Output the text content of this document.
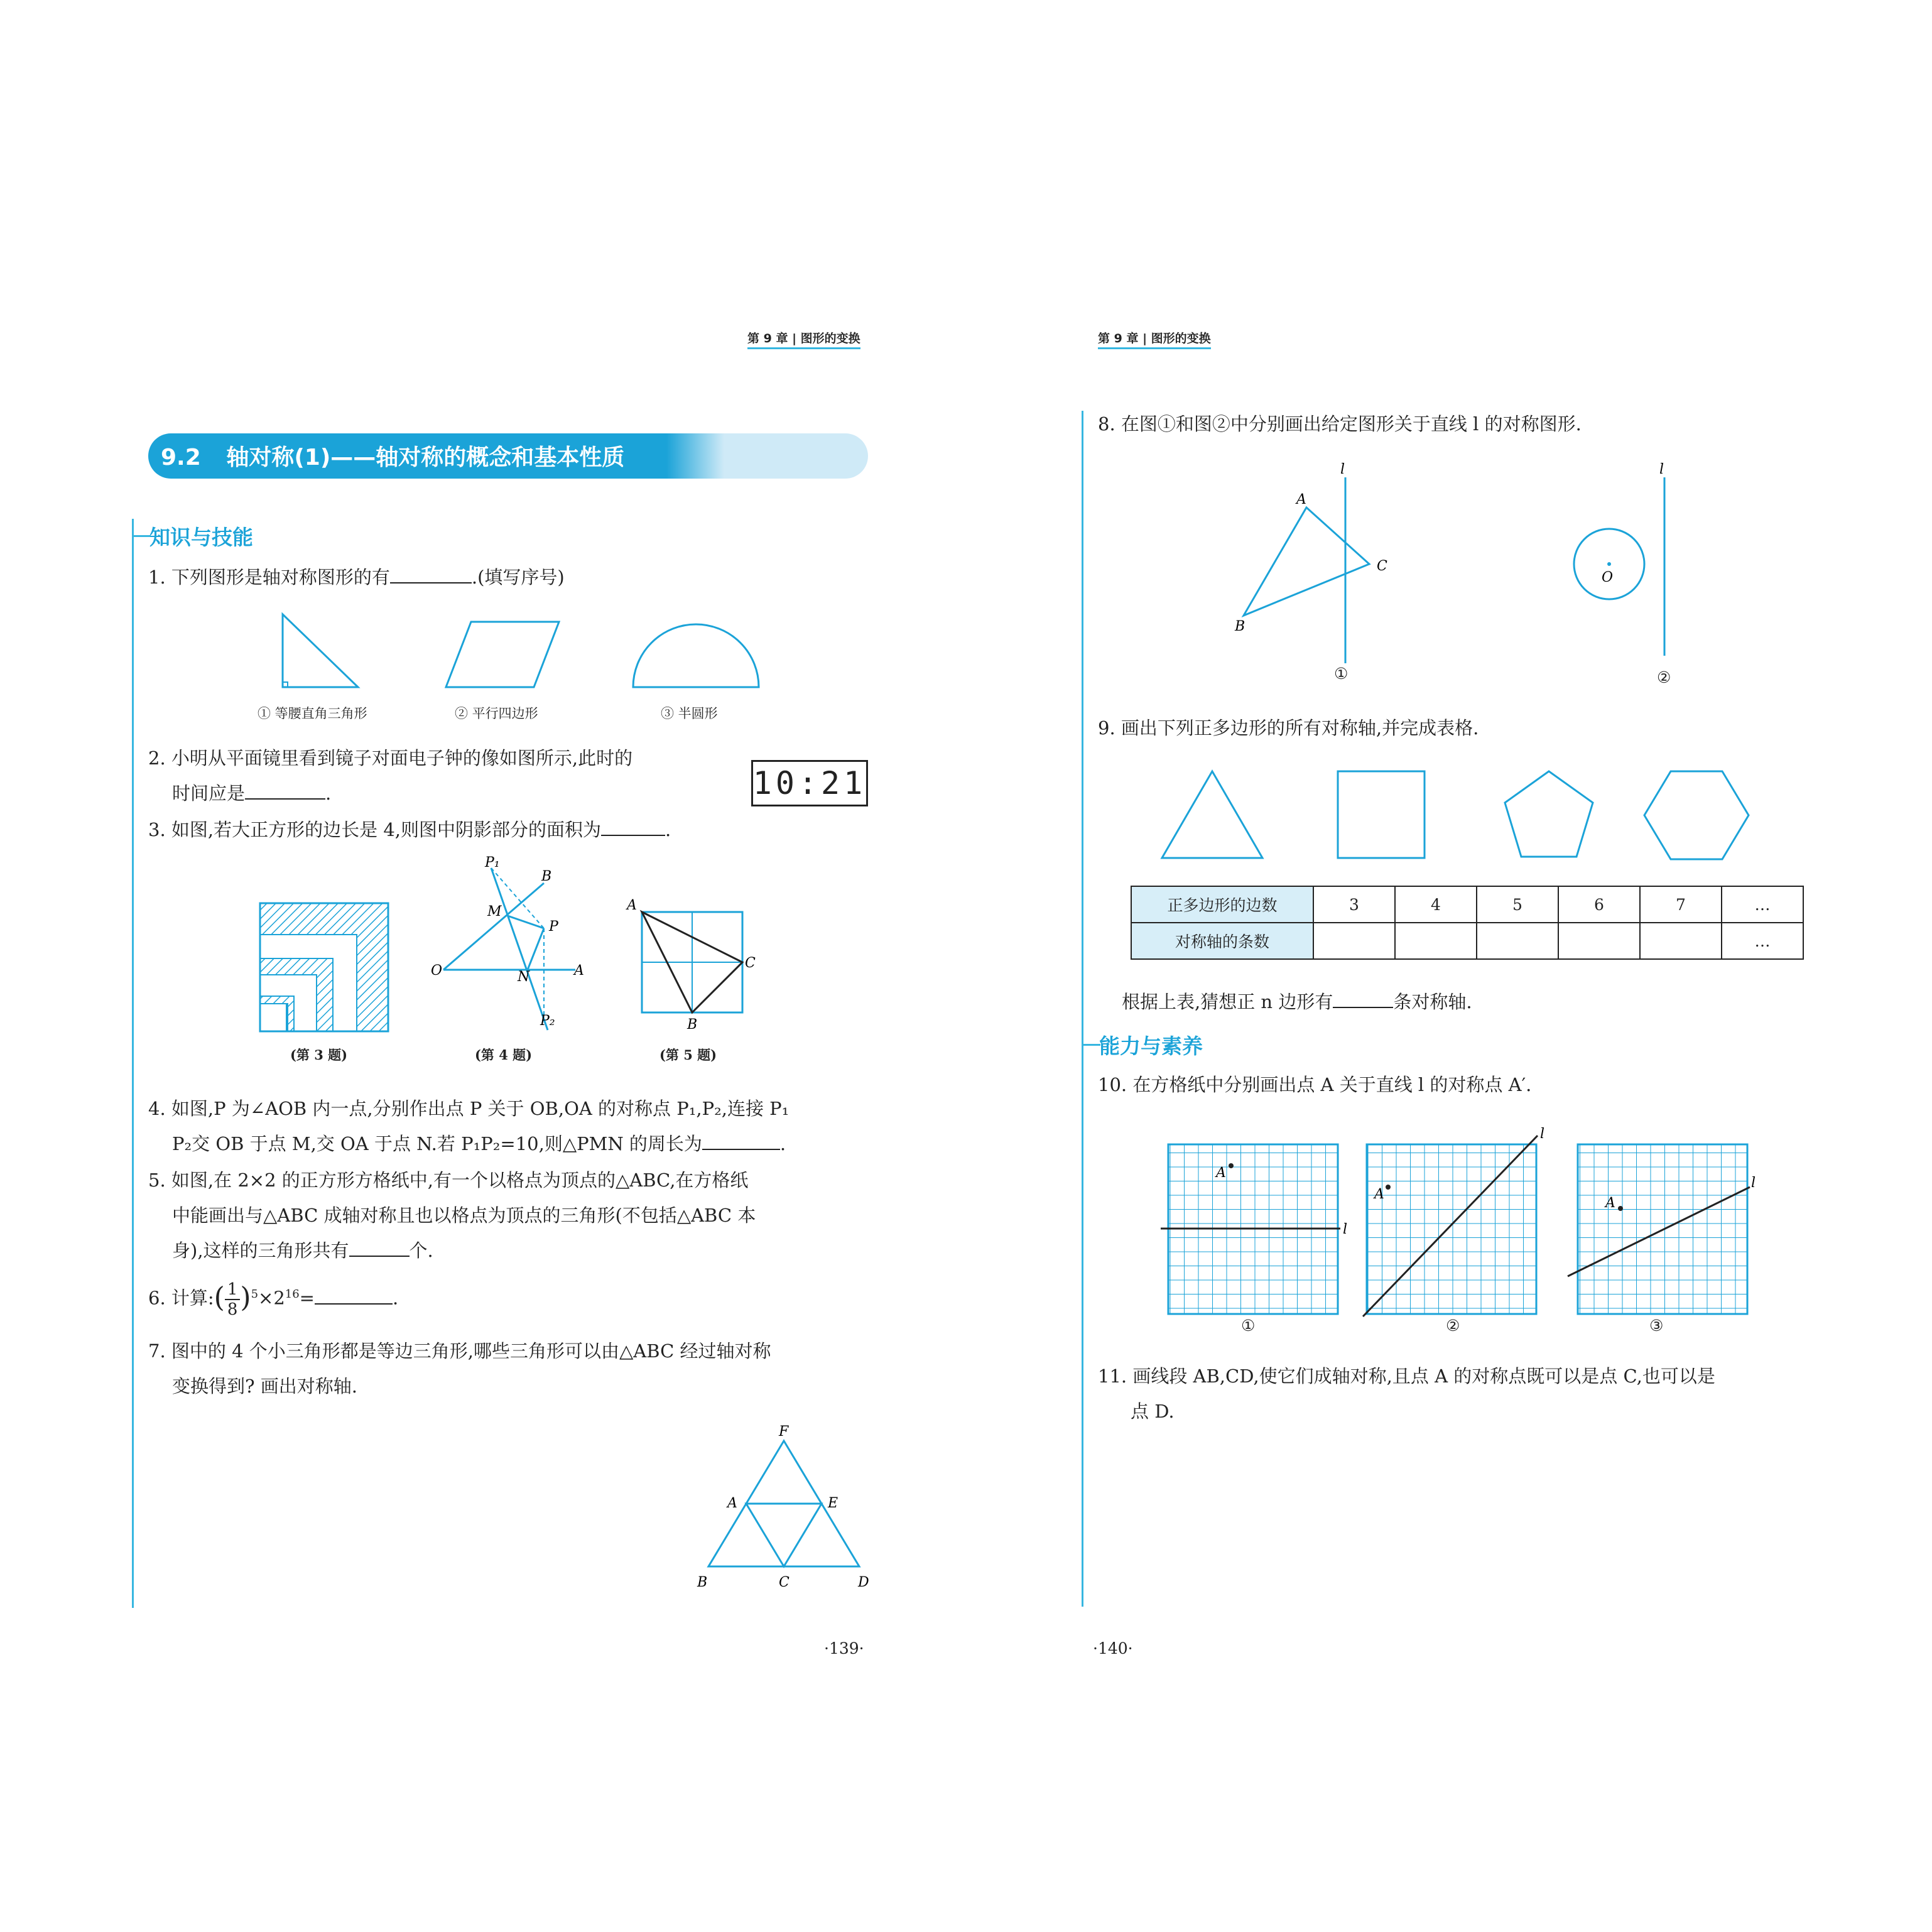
第 9 章 | 图形的变换	第 9 章 | 图形的变换
9.2 轴对称(1)——轴对称的概念和基本性质
知识与技能
1. 下列图形是轴对称图形的有	.(填写序号)
① 等腰直角三角形	② 平行四边形	③ 半圆形
2. 小明从平面镜里看到镜子对面电子钟的像如图所示,此时的
时间应是	.	10:21
3. 如图,若大正方形的边长是 4,则图中阴影部分的面积为	.
P₁
B
M
P
O	N	A
P₂
A
C
B
(第 3 题)	(第 4 题)	(第 5 题)
4. 如图,P 为∠AOB 内一点,分别作出点 P 关于 OB,OA 的对称点 P₁,P₂,连接 P₁
P₂交 OB 于点 M,交 OA 于点 N.若 P₁P₂=10,则△PMN 的周长为	.
5. 如图,在 2×2 的正方形方格纸中,有一个以格点为顶点的△ABC,在方格纸
中能画出与△ABC 成轴对称且也以格点为顶点的三角形(不包括△ABC 本
身),这样的三角形共有	个.
6. 计算:( $\frac{1}{8} )^5\times 2^{16}=$	.
7. 图中的 4 个小三角形都是等边三角形,哪些三角形可以由△ABC 经过轴对称
变换得到? 画出对称轴.
F
A	E
B	C	D
·139·
8. 在图①和图②中分别画出给定图形关于直线 l 的对称图形.
l
A
C
B
①
l
O
②
9. 画出下列正多边形的所有对称轴,并完成表格.
正多边形的边数	3	4	5	6	7	…
对称轴的条数						…
根据上表,猜想正 n 边形有	条对称轴.
能力与素养
10. 在方格纸中分别画出点 A 关于直线 l 的对称点 A′.
A
l
A
l
A
l
①	②	③
11. 画线段 AB,CD,使它们成轴对称,且点 A 的对称点既可以是点 C,也可以是
点 D.
·140·
